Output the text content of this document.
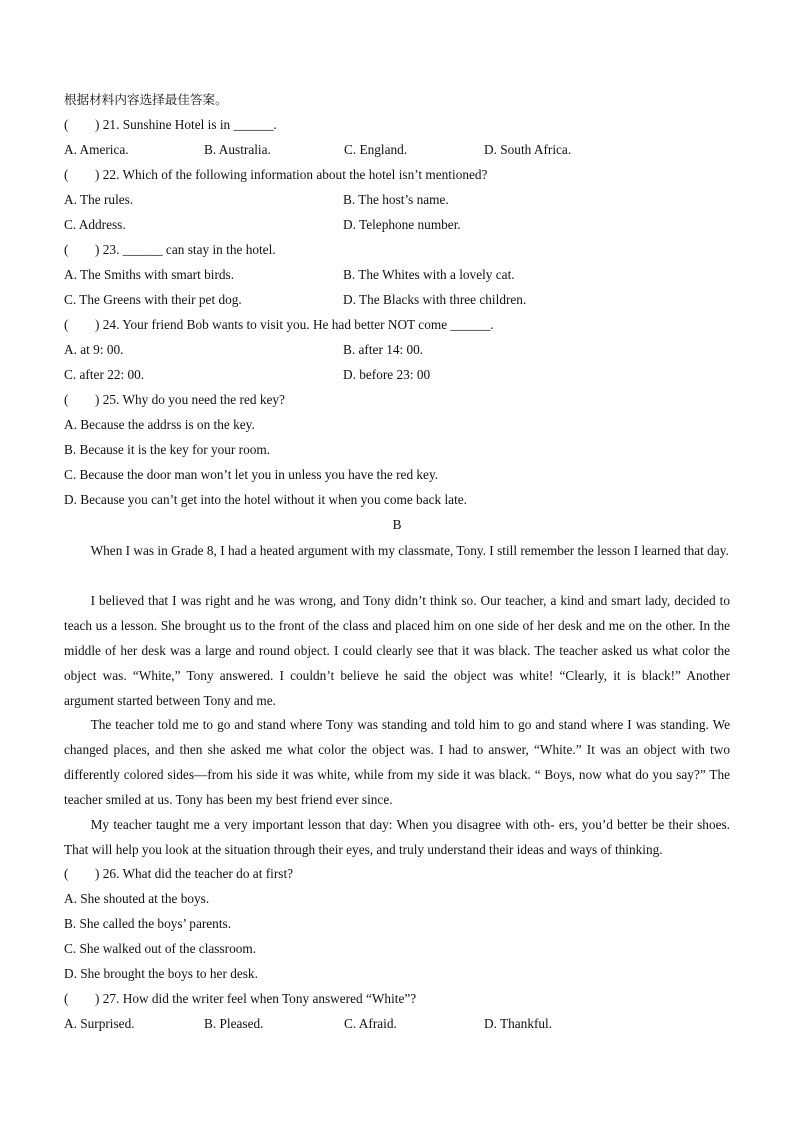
根据材料内容选择最佳答案。
(　　) 21. Sunshine Hotel is in ______.
A. America.	B. Australia.	C. England.	D. South Africa.
(　　) 22. Which of the following information about the hotel isn’t mentioned?
A. The rules.	B. The host’s name.
C. Address.	D. Telephone number.
(　　) 23. ______ can stay in the hotel.
A. The Smiths with smart birds.	B. The Whites with a lovely cat.
C. The Greens with their pet dog.	D. The Blacks with three children.
(　　) 24. Your friend Bob wants to visit you. He had better NOT come ______.
A. at 9: 00.	B. after 14: 00.
C. after 22: 00.	D. before 23: 00
(　　) 25. Why do you need the red key?
A. Because the addrss is on the key.
B. Because it is the key for your room.
C. Because the door man won’t let you in unless you have the red key.
D. Because you can’t get into the hotel without it when you come back late.
B
When I was in Grade 8, I had a heated argument with my classmate, Tony. I still remember the lesson I learned that day.
I believed that I was right and he was wrong, and Tony didn’t think so. Our teacher, a kind and smart lady, decided to teach us a lesson. She brought us to the front of the class and placed him on one side of her desk and me on the other. In the middle of her desk was a large and round object. I could clearly see that it was black. The teacher asked us what color the object was. “White,” Tony answered. I couldn’t believe he said the object was white! “Clearly, it is black!” Another argument started between Tony and me.
The teacher told me to go and stand where Tony was standing and told him to go and stand where I was standing. We changed places, and then she asked me what color the object was. I had to answer, “White.” It was an object with two differently colored sides—from his side it was white, while from my side it was black. “ Boys, now what do you say?” The teacher smiled at us. Tony has been my best friend ever since.
My teacher taught me a very important lesson that day: When you disagree with oth- ers, you’d better be their shoes. That will help you look at the situation through their eyes, and truly understand their ideas and ways of thinking.
(　　) 26. What did the teacher do at first?
A. She shouted at the boys.
B. She called the boys’ parents.
C. She walked out of the classroom.
D. She brought the boys to her desk.
(　　) 27. How did the writer feel when Tony answered “White”?
A. Surprised.	B. Pleased.	C. Afraid.	D. Thankful.
